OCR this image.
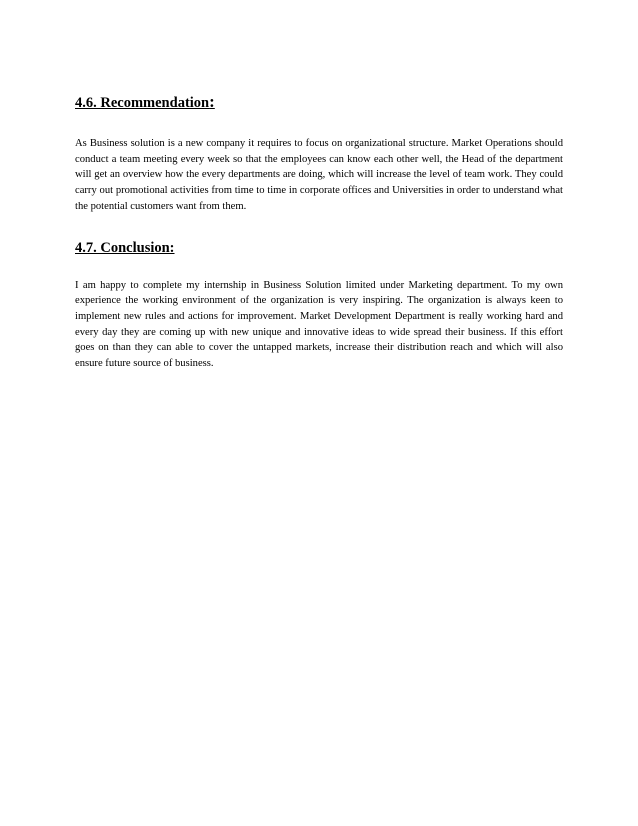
4.6. Recommendation:

As Business solution is a new company it requires to focus on organizational structure. Market Operations should conduct a team meeting every week so that the employees can know each other well, the Head of the department will get an overview how the every departments are doing, which will increase the level of team work. They could carry out promotional activities from time to time in corporate offices and Universities in order to understand what the potential customers want from them.

4.7. Conclusion:

I am happy to complete my internship in Business Solution limited under Marketing department. To my own experience the working environment of the organization is very inspiring. The organization is always keen to implement new rules and actions for improvement. Market Development Department is really working hard and every day they are coming up with new unique and innovative ideas to wide spread their business. If this effort goes on than they can able to cover the untapped markets, increase their distribution reach and which will also ensure future source of business.
